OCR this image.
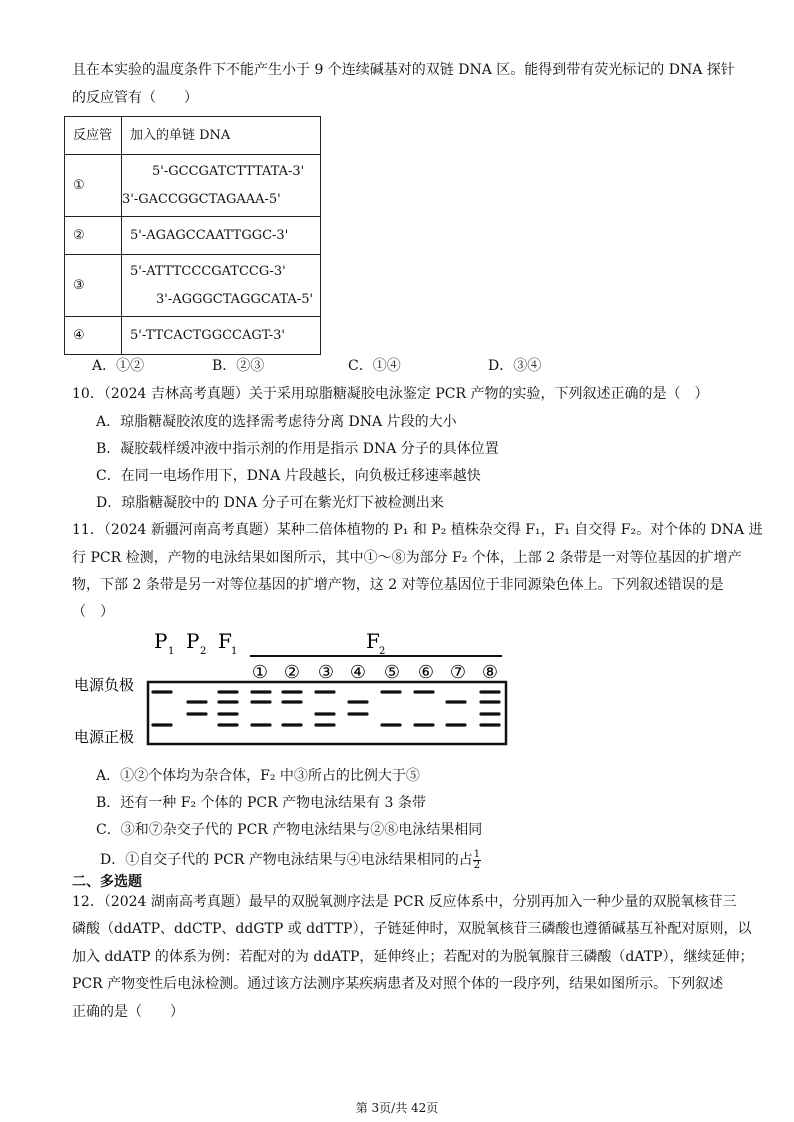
且在本实验的温度条件下不能产生小于 9 个连续碱基对的双链 DNA 区。能得到带有荧光标记的 DNA 探针
的反应管有（　　）
反应管	加入的单链 DNA
①	5'-GCCGATCTTTATA-3'
3'-GACCGGCTAGAAA-5'

②	5'-AGAGCCAATTGGC-3'

③	5'-ATTTCCCGATCCG-3'
3'-AGGGCTAGGCATA-5'

④	5'-TTCACTGGCCAGT-3'
A．①②	B．②③	C．①④	D．③④
10．（2024 吉林高考真题）关于采用琼脂糖凝胶电泳鉴定 PCR 产物的实验，下列叙述正确的是（　）
A．琼脂糖凝胶浓度的选择需考虑待分离 DNA 片段的大小
B．凝胶载样缓冲液中指示剂的作用是指示 DNA 分子的具体位置
C．在同一电场作用下，DNA 片段越长，向负极迁移速率越快
D．琼脂糖凝胶中的 DNA 分子可在紫光灯下被检测出来
11．（2024 新疆河南高考真题）某种二倍体植物的 P₁ 和 P₂ 植株杂交得 F₁，F₁ 自交得 F₂。对个体的 DNA 进
行 PCR 检测，产物的电泳结果如图所示，其中①～⑧为部分 F₂ 个体，上部 2 条带是一对等位基因的扩增产
物，下部 2 条带是另一对等位基因的扩增产物，这 2 对等位基因位于非同源染色体上。下列叙述错误的是
（　）
P 1 P 2 F 1	F 2
① ② ③ ④ ⑤ ⑥ ⑦ ⑧
电源负极
电源正极
A．①②个体均为杂合体，F₂ 中③所占的比例大于⑤
B．还有一种 F₂ 个体的 PCR 产物电泳结果有 3 条带
C．③和⑦杂交子代的 PCR 产物电泳结果与②⑧电泳结果相同
D．①自交子代的 PCR 产物电泳结果与④电泳结果相同的占 $\frac{1}{2}$
二、多选题
12．（2024 湖南高考真题）最早的双脱氧测序法是 PCR 反应体系中，分别再加入一种少量的双脱氧核苷三
磷酸（ddATP、ddCTP、ddGTP 或 ddTTP），子链延伸时，双脱氧核苷三磷酸也遵循碱基互补配对原则，以
加入 ddATP 的体系为例：若配对的为 ddATP，延伸终止；若配对的为脱氧腺苷三磷酸（dATP），继续延伸；
PCR 产物变性后电泳检测。通过该方法测序某疾病患者及对照个体的一段序列，结果如图所示。下列叙述
正确的是（　　）
第 3页/共 42页
